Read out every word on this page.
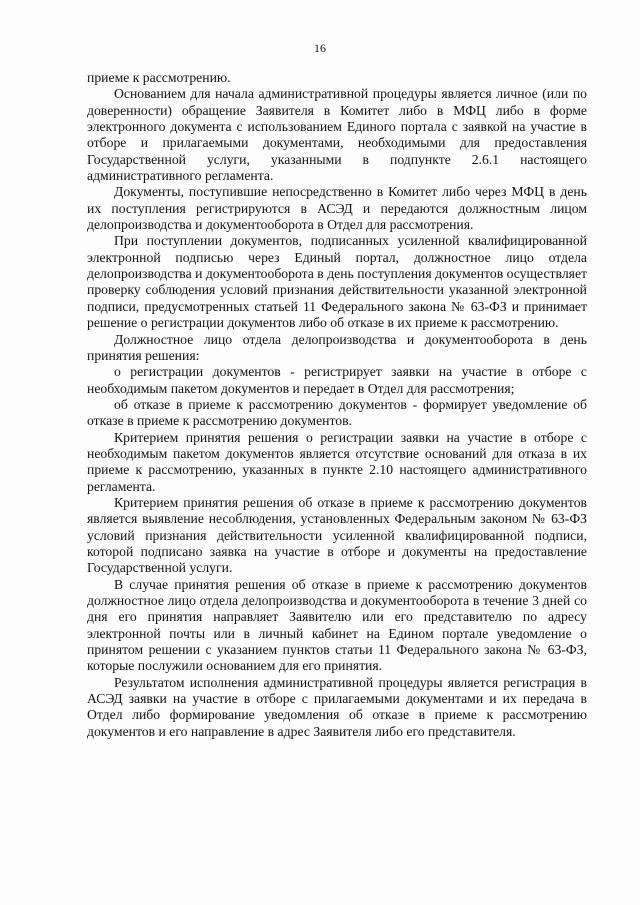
16

приеме к рассмотрению.

Основанием для начала административной процедуры является личное (или по доверенности) обращение Заявителя в Комитет либо в МФЦ либо в форме электронного документа с использованием Единого портала с заявкой на участие в отборе и прилагаемыми документами, необходимыми для предоставления Государственной услуги, указанными в подпункте 2.6.1 настоящего административного регламента.

Документы, поступившие непосредственно в Комитет либо через МФЦ в день их поступления регистрируются в АСЭД и передаются должностным лицом делопроизводства и документооборота в Отдел для рассмотрения.

При поступлении документов, подписанных усиленной квалифицированной электронной подписью через Единый портал, должностное лицо отдела делопроизводства и документооборота в день поступления документов осуществляет проверку соблюдения условий признания действительности указанной электронной подписи, предусмотренных статьей 11 Федерального закона № 63-ФЗ и принимает решение о регистрации документов либо об отказе в их приеме к рассмотрению.

Должностное лицо отдела делопроизводства и документооборота в день принятия решения:

о регистрации документов - регистрирует заявки на участие в отборе с необходимым пакетом документов и передает в Отдел для рассмотрения;

об отказе в приеме к рассмотрению документов - формирует уведомление об отказе в приеме к рассмотрению документов.

Критерием принятия решения о регистрации заявки на участие в отборе с необходимым пакетом документов является отсутствие оснований для отказа в их приеме к рассмотрению, указанных в пункте 2.10 настоящего административного регламента.

Критерием принятия решения об отказе в приеме к рассмотрению документов является выявление несоблюдения, установленных Федеральным законом № 63-ФЗ условий признания действительности усиленной квалифицированной подписи, которой подписано заявка на участие в отборе и документы на предоставление Государственной услуги.

В случае принятия решения об отказе в приеме к рассмотрению документов должностное лицо отдела делопроизводства и документооборота в течение 3 дней со дня его принятия направляет Заявителю или его представителю по адресу электронной почты или в личный кабинет на Едином портале уведомление о принятом решении с указанием пунктов статьи 11 Федерального закона № 63-ФЗ, которые послужили основанием для его принятия.

Результатом исполнения административной процедуры является регистрация в АСЭД заявки на участие в отборе с прилагаемыми документами и их передача в Отдел либо формирование уведомления об отказе в приеме к рассмотрению документов и его направление в адрес Заявителя либо его представителя.
